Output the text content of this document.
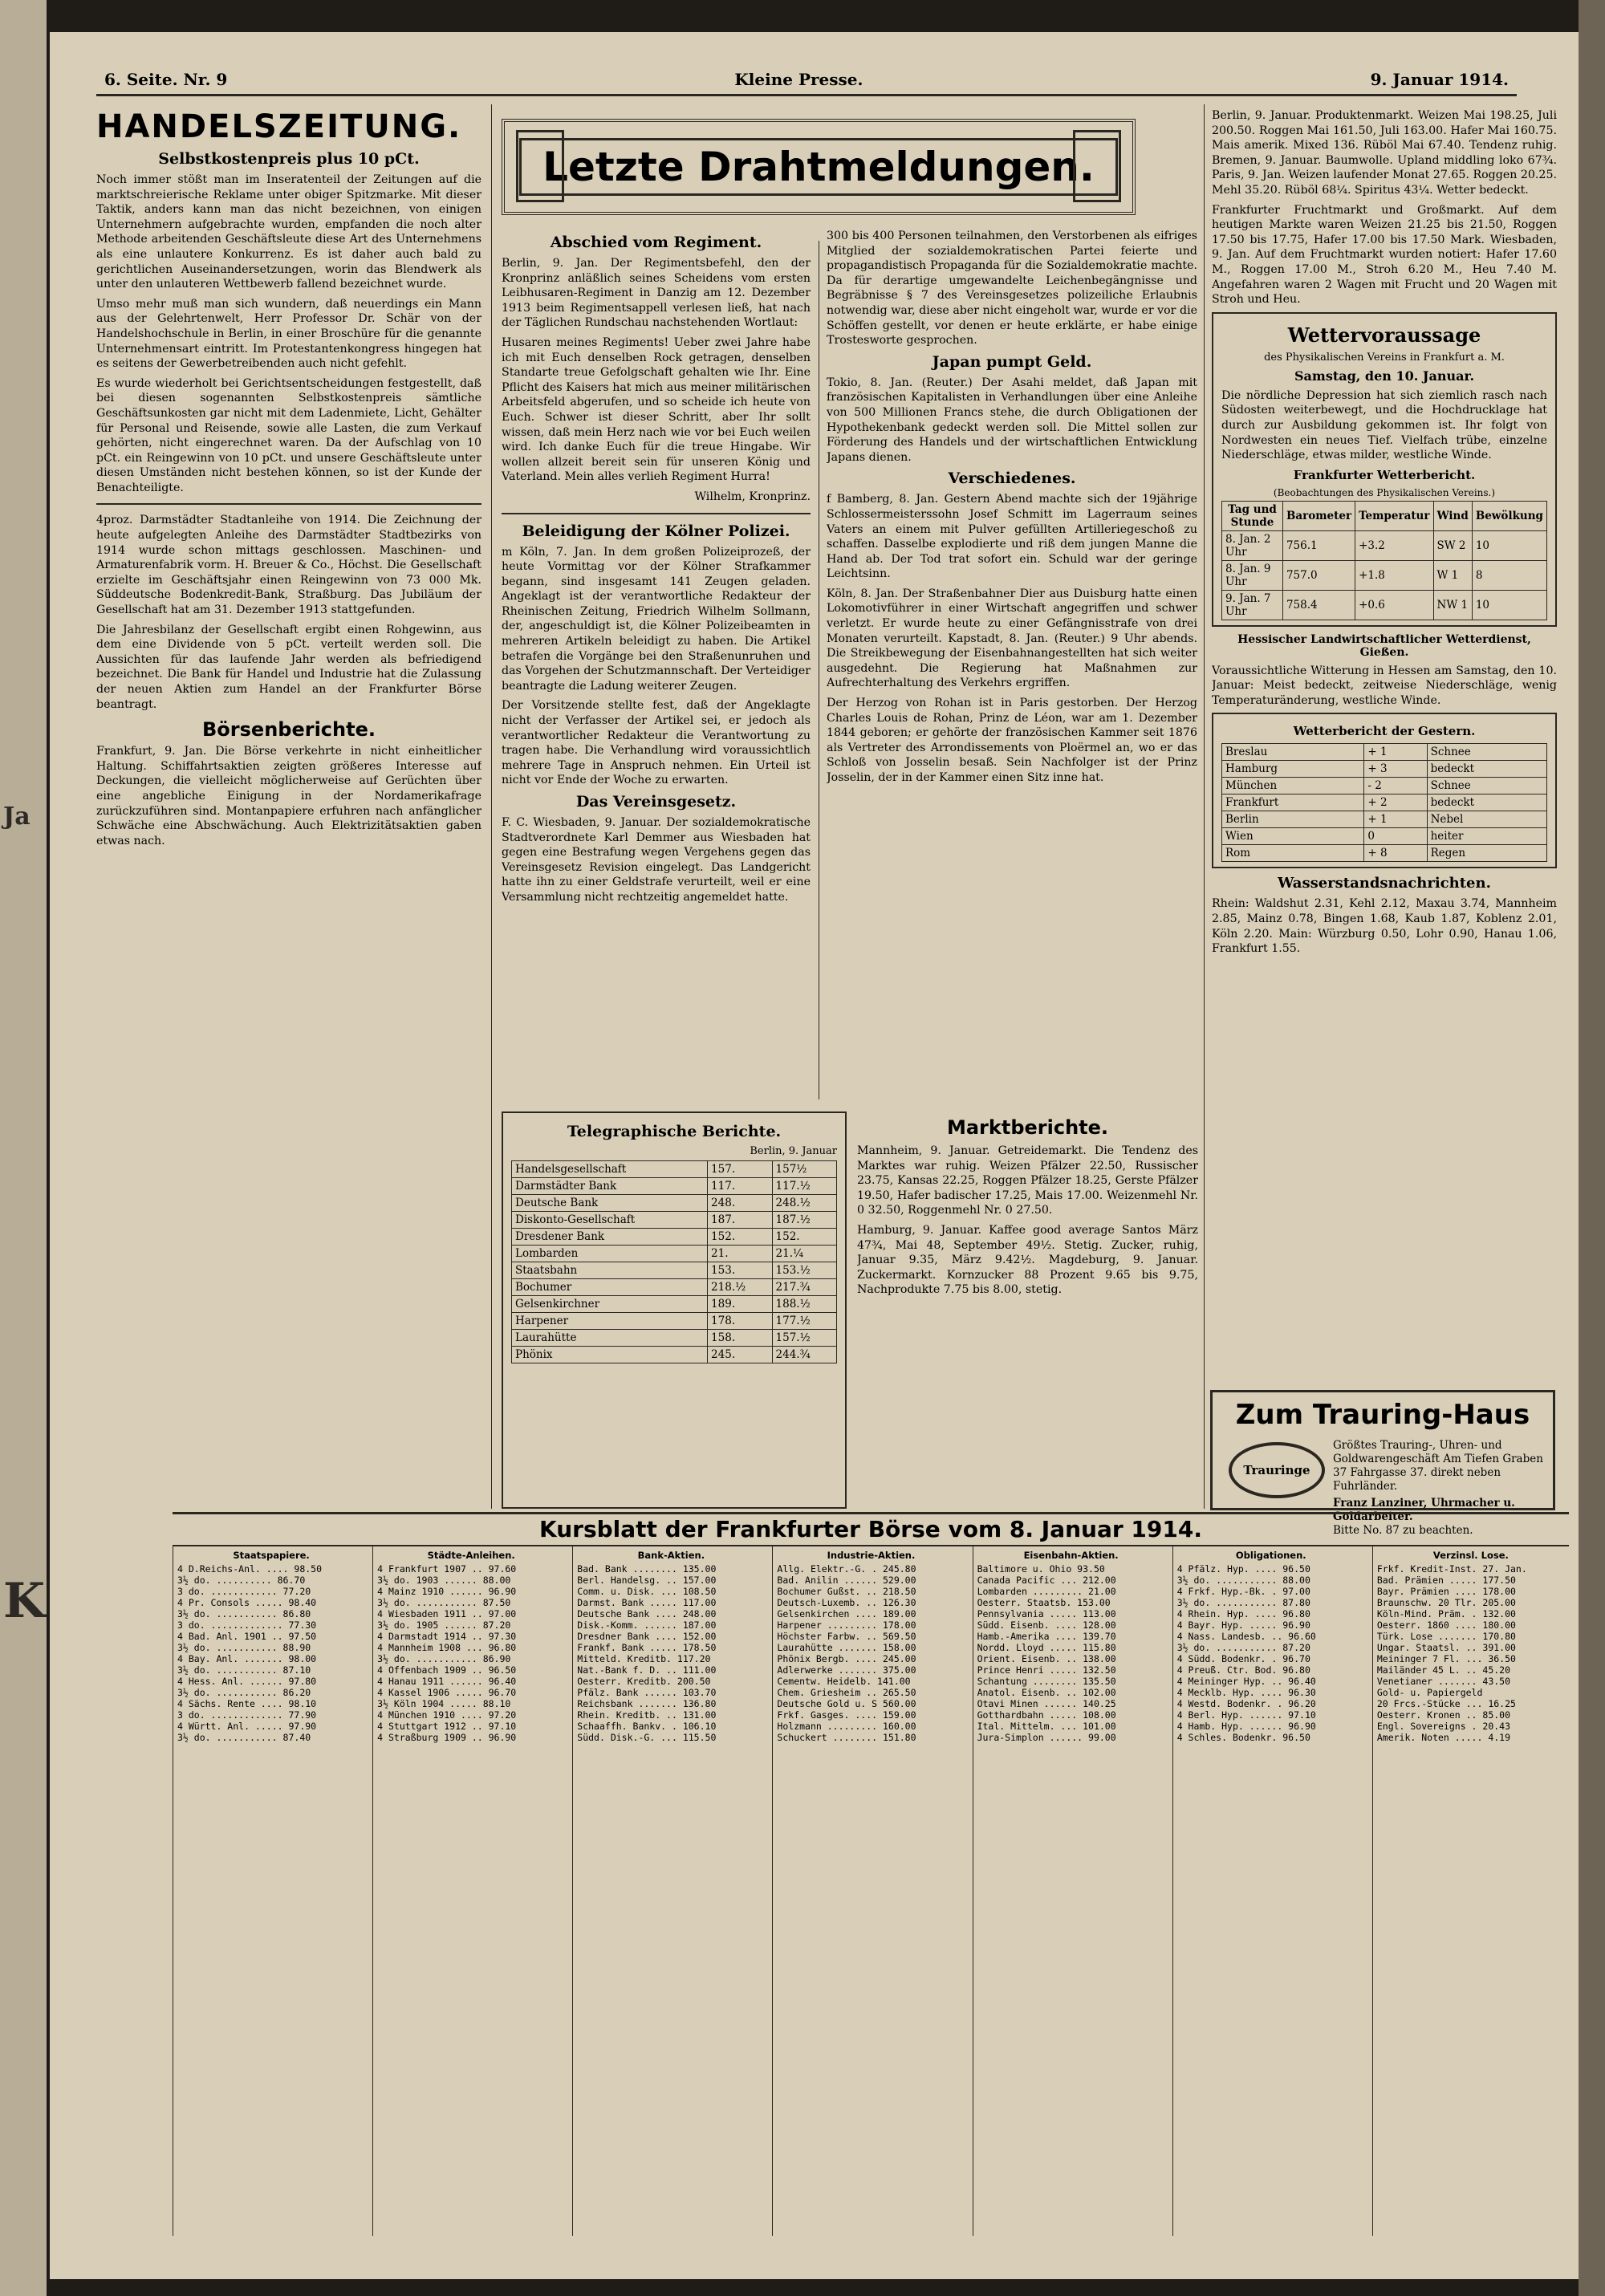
Ja
K
6. Seite. Nr. 9	Kleine Presse.	9. Januar 1914.
HANDELSZEITUNG.
Selbstkostenpreis plus 10 pCt.

Noch immer stößt man im Inseratenteil der Zeitungen auf die marktschreierische Reklame unter obiger Spitzmarke. Mit dieser Taktik, anders kann man das nicht bezeichnen, von einigen Unternehmern aufgebrachte wurden, empfanden die noch alter Methode arbeitenden Geschäftsleute diese Art des Unternehmens als eine unlautere Konkurrenz. Es ist daher auch bald zu gerichtlichen Auseinandersetzungen, worin das Blendwerk als unter den unlauteren Wettbewerb fallend bezeichnet wurde.

Umso mehr muß man sich wundern, daß neuerdings ein Mann aus der Gelehrtenwelt, Herr Professor Dr. Schär von der Handelshochschule in Berlin, in einer Broschüre für die genannte Unternehmensart eintritt. Im Protestantenkongress hingegen hat es seitens der Gewerbetreibenden auch nicht gefehlt.

Es wurde wiederholt bei Gerichtsentscheidungen festgestellt, daß bei diesen sogenannten Selbstkostenpreis sämtliche Geschäftsunkosten gar nicht mit dem Ladenmiete, Licht, Gehälter für Personal und Reisende, sowie alle Lasten, die zum Verkauf gehörten, nicht eingerechnet waren. Da der Aufschlag von 10 pCt. ein Reingewinn von 10 pCt. und unsere Geschäftsleute unter diesen Umständen nicht bestehen können, so ist der Kunde der Benachteiligte.

4proz. Darmstädter Stadtanleihe von 1914. Die Zeichnung der heute aufgelegten Anleihe des Darmstädter Stadtbezirks von 1914 wurde schon mittags geschlossen. Maschinen- und Armaturenfabrik vorm. H. Breuer & Co., Höchst. Die Gesellschaft erzielte im Geschäftsjahr einen Reingewinn von 73 000 Mk. Süddeutsche Bodenkredit-Bank, Straßburg. Das Jubiläum der Gesellschaft hat am 31. Dezember 1913 stattgefunden.

Die Jahresbilanz der Gesellschaft ergibt einen Rohgewinn, aus dem eine Dividende von 5 pCt. verteilt werden soll. Die Aussichten für das laufende Jahr werden als befriedigend bezeichnet. Die Bank für Handel und Industrie hat die Zulassung der neuen Aktien zum Handel an der Frankfurter Börse beantragt.

Börsenberichte.

Frankfurt, 9. Jan. Die Börse verkehrte in nicht einheitlicher Haltung. Schiffahrtsaktien zeigten größeres Interesse auf Deckungen, die vielleicht möglicherweise auf Gerüchten über eine angebliche Einigung in der Nordamerikafrage zurückzuführen sind. Montanpapiere erfuhren nach anfänglicher Schwäche eine Abschwächung. Auch Elektrizitätsaktien gaben etwas nach.

Letzte Drahtmeldungen.
Abschied vom Regiment.

Berlin, 9. Jan. Der Regimentsbefehl, den der Kronprinz anläßlich seines Scheidens vom ersten Leibhusaren-Regiment in Danzig am 12. Dezember 1913 beim Regimentsappell verlesen ließ, hat nach der Täglichen Rundschau nachstehenden Wortlaut:

Husaren meines Regiments! Ueber zwei Jahre habe ich mit Euch denselben Rock getragen, denselben Standarte treue Gefolgschaft gehalten wie Ihr. Eine Pflicht des Kaisers hat mich aus meiner militärischen Arbeitsfeld abgerufen, und so scheide ich heute von Euch. Schwer ist dieser Schritt, aber Ihr sollt wissen, daß mein Herz nach wie vor bei Euch weilen wird. Ich danke Euch für die treue Hingabe. Wir wollen allzeit bereit sein für unseren König und Vaterland. Mein alles verlieh Regiment Hurra!

Wilhelm, Kronprinz.

Beleidigung der Kölner Polizei.

m Köln, 7. Jan. In dem großen Polizeiprozeß, der heute Vormittag vor der Kölner Strafkammer begann, sind insgesamt 141 Zeugen geladen. Angeklagt ist der verantwortliche Redakteur der Rheinischen Zeitung, Friedrich Wilhelm Sollmann, der, angeschuldigt ist, die Kölner Polizeibeamten in mehreren Artikeln beleidigt zu haben. Die Artikel betrafen die Vorgänge bei den Straßenunruhen und das Vorgehen der Schutzmannschaft. Der Verteidiger beantragte die Ladung weiterer Zeugen.

Der Vorsitzende stellte fest, daß der Angeklagte nicht der Verfasser der Artikel sei, er jedoch als verantwortlicher Redakteur die Verantwortung zu tragen habe. Die Verhandlung wird voraussichtlich mehrere Tage in Anspruch nehmen. Ein Urteil ist nicht vor Ende der Woche zu erwarten.

Das Vereinsgesetz.

F. C. Wiesbaden, 9. Januar. Der sozialdemokratische Stadtverordnete Karl Demmer aus Wiesbaden hat gegen eine Bestrafung wegen Vergehens gegen das Vereinsgesetz Revision eingelegt. Das Landgericht hatte ihn zu einer Geldstrafe verurteilt, weil er eine Versammlung nicht rechtzeitig angemeldet hatte.

300 bis 400 Personen teilnahmen, den Verstorbenen als eifriges Mitglied der sozialdemokratischen Partei feierte und propagandistisch Propaganda für die Sozialdemokratie machte. Da für derartige umgewandelte Leichenbegängnisse und Begräbnisse § 7 des Vereinsgesetzes polizeiliche Erlaubnis notwendig war, diese aber nicht eingeholt war, wurde er vor die Schöffen gestellt, vor denen er heute erklärte, er habe einige Trostesworte gesprochen.

Japan pumpt Geld.

Tokio, 8. Jan. (Reuter.) Der Asahi meldet, daß Japan mit französischen Kapitalisten in Verhandlungen über eine Anleihe von 500 Millionen Francs stehe, die durch Obligationen der Hypothekenbank gedeckt werden soll. Die Mittel sollen zur Förderung des Handels und der wirtschaftlichen Entwicklung Japans dienen.

Verschiedenes.

f Bamberg, 8. Jan. Gestern Abend machte sich der 19jährige Schlossermeisterssohn Josef Schmitt im Lagerraum seines Vaters an einem mit Pulver gefüllten Artilleriegeschoß zu schaffen. Dasselbe explodierte und riß dem jungen Manne die Hand ab. Der Tod trat sofort ein. Schuld war der geringe Leichtsinn.

Köln, 8. Jan. Der Straßenbahner Dier aus Duisburg hatte einen Lokomotivführer in einer Wirtschaft angegriffen und schwer verletzt. Er wurde heute zu einer Gefängnisstrafe von drei Monaten verurteilt. Kapstadt, 8. Jan. (Reuter.) 9 Uhr abends. Die Streikbewegung der Eisenbahnangestellten hat sich weiter ausgedehnt. Die Regierung hat Maßnahmen zur Aufrechterhaltung des Verkehrs ergriffen.

Der Herzog von Rohan ist in Paris gestorben. Der Herzog Charles Louis de Rohan, Prinz de Léon, war am 1. Dezember 1844 geboren; er gehörte der französischen Kammer seit 1876 als Vertreter des Arrondissements von Ploërmel an, wo er das Schloß von Josselin besaß. Sein Nachfolger ist der Prinz Josselin, der in der Kammer einen Sitz inne hat.

Telegraphische Berichte.
Berlin, 9. Januar
Handelsgesellschaft	157.	157½
Darmstädter Bank	117.	117.½
Deutsche Bank	248.	248.½
Diskonto-Gesellschaft	187.	187.½
Dresdener Bank	152.	152.
Lombarden	21.	21.¼
Staatsbahn	153.	153.½
Bochumer	218.½	217.¾
Gelsenkirchner	189.	188.½
Harpener	178.	177.½
Laurahütte	158.	157.½
Phönix	245.	244.¾
Marktberichte.

Mannheim, 9. Januar. Getreidemarkt. Die Tendenz des Marktes war ruhig. Weizen Pfälzer 22.50, Russischer 23.75, Kansas 22.25, Roggen Pfälzer 18.25, Gerste Pfälzer 19.50, Hafer badischer 17.25, Mais 17.00. Weizenmehl Nr. 0 32.50, Roggenmehl Nr. 0 27.50.

Hamburg, 9. Januar. Kaffee good average Santos März 47¾, Mai 48, September 49½. Stetig. Zucker, ruhig, Januar 9.35, März 9.42½. Magdeburg, 9. Januar. Zuckermarkt. Kornzucker 88 Prozent 9.65 bis 9.75, Nachprodukte 7.75 bis 8.00, stetig.

Berlin, 9. Januar. Produktenmarkt. Weizen Mai 198.25, Juli 200.50. Roggen Mai 161.50, Juli 163.00. Hafer Mai 160.75. Mais amerik. Mixed 136. Rüböl Mai 67.40. Tendenz ruhig. Bremen, 9. Januar. Baumwolle. Upland middling loko 67¾. Paris, 9. Jan. Weizen laufender Monat 27.65. Roggen 20.25. Mehl 35.20. Rüböl 68¼. Spiritus 43¼. Wetter bedeckt.

Frankfurter Fruchtmarkt und Großmarkt. Auf dem heutigen Markte waren Weizen 21.25 bis 21.50, Roggen 17.50 bis 17.75, Hafer 17.00 bis 17.50 Mark. Wiesbaden, 9. Jan. Auf dem Fruchtmarkt wurden notiert: Hafer 17.60 M., Roggen 17.00 M., Stroh 6.20 M., Heu 7.40 M. Angefahren waren 2 Wagen mit Frucht und 20 Wagen mit Stroh und Heu.

Wettervoraussage
des Physikalischen Vereins in Frankfurt a. M.
Samstag, den 10. Januar.

Die nördliche Depression hat sich ziemlich rasch nach Südosten weiterbewegt, und die Hochdrucklage hat durch zur Ausbildung gekommen ist. Ihr folgt von Nordwesten ein neues Tief. Vielfach trübe, einzelne Niederschläge, etwas milder, westliche Winde.

Frankfurter Wetterbericht.
(Beobachtungen des Physikalischen Vereins.)
Tag und Stunde	Barometer	Temperatur	Wind	Bewölkung
8. Jan. 2 Uhr	756.1	+3.2	SW 2	10
8. Jan. 9 Uhr	757.0	+1.8	W 1	8
9. Jan. 7 Uhr	758.4	+0.6	NW 1	10
Hessischer Landwirtschaftlicher Wetterdienst, Gießen.

Voraussichtliche Witterung in Hessen am Samstag, den 10. Januar: Meist bedeckt, zeitweise Niederschläge, wenig Temperaturänderung, westliche Winde.

Wetterbericht der Gestern.
Breslau	+ 1	Schnee
Hamburg	+ 3	bedeckt
München	- 2	Schnee
Frankfurt	+ 2	bedeckt
Berlin	+ 1	Nebel
Wien	0	heiter
Rom	+ 8	Regen
Wasserstandsnachrichten.

Rhein: Waldshut 2.31, Kehl 2.12, Maxau 3.74, Mannheim 2.85, Mainz 0.78, Bingen 1.68, Kaub 1.87, Koblenz 2.01, Köln 2.20. Main: Würzburg 0.50, Lohr 0.90, Hanau 1.06, Frankfurt 1.55.

Zum Trauring-Haus
Trauringe
Größtes Trauring-, Uhren- und Goldwarengeschäft Am Tiefen Graben 37 Fahrgasse 37. direkt neben Fuhrländer.
Franz Lanziner, Uhrmacher u. Goldarbeiter.
Bitte No. 87 zu beachten.
Kursblatt der Frankfurter Börse vom 8. Januar 1914.
Staatspapiere.
4 D.Reichs-Anl. .... 98.50
3½ do. .......... 86.70
3 do. ............ 77.20
4 Pr. Consols ..... 98.40
3½ do. ........... 86.80
3 do. ............. 77.30
4 Bad. Anl. 1901 .. 97.50
3½ do. ........... 88.90
4 Bay. Anl. ....... 98.00
3½ do. ........... 87.10
4 Hess. Anl. ...... 97.80
3½ do. ........... 86.20
4 Sächs. Rente .... 98.10
3 do. ............. 77.90
4 Württ. Anl. ..... 97.90
3½ do. ........... 87.40
Städte-Anleihen.
4 Frankfurt 1907 .. 97.60
3½ do. 1903 ...... 88.00
4 Mainz 1910 ...... 96.90
3½ do. ........... 87.50
4 Wiesbaden 1911 .. 97.00
3½ do. 1905 ...... 87.20
4 Darmstadt 1914 .. 97.30
4 Mannheim 1908 ... 96.80
3½ do. ........... 86.90
4 Offenbach 1909 .. 96.50
4 Hanau 1911 ...... 96.40
4 Kassel 1906 ..... 96.70
3½ Köln 1904 ..... 88.10
4 München 1910 .... 97.20
4 Stuttgart 1912 .. 97.10
4 Straßburg 1909 .. 96.90
Bank-Aktien.
Bad. Bank ........ 135.00
Berl. Handelsg. .. 157.00
Comm. u. Disk. ... 108.50
Darmst. Bank ..... 117.00
Deutsche Bank .... 248.00
Disk.-Komm. ...... 187.00
Dresdner Bank .... 152.00
Frankf. Bank ..... 178.50
Mitteld. Kreditb. 117.20
Nat.-Bank f. D. .. 111.00
Oesterr. Kreditb. 200.50
Pfälz. Bank ...... 103.70
Reichsbank ....... 136.80
Rhein. Kreditb. .. 131.00
Schaaffh. Bankv. . 106.10
Südd. Disk.-G. ... 115.50
Industrie-Aktien.
Allg. Elektr.-G. . 245.80
Bad. Anilin ...... 529.00
Bochumer Gußst. .. 218.50
Deutsch-Luxemb. .. 126.30
Gelsenkirchen .... 189.00
Harpener ......... 178.00
Höchster Farbw. .. 569.50
Laurahütte ....... 158.00
Phönix Bergb. .... 245.00
Adlerwerke ....... 375.00
Cementw. Heidelb. 141.00
Chem. Griesheim .. 265.50
Deutsche Gold u. S 560.00
Frkf. Gasges. .... 159.00
Holzmann ......... 160.00
Schuckert ........ 151.80
Eisenbahn-Aktien.
Baltimore u. Ohio 93.50
Canada Pacific ... 212.00
Lombarden ......... 21.00
Oesterr. Staatsb. 153.00
Pennsylvania ..... 113.00
Südd. Eisenb. .... 128.00
Hamb.-Amerika .... 139.70
Nordd. Lloyd ..... 115.80
Orient. Eisenb. .. 138.00
Prince Henri ..... 132.50
Schantung ........ 135.50
Anatol. Eisenb. .. 102.00
Otavi Minen ...... 140.25
Gotthardbahn ..... 108.00
Ital. Mittelm. ... 101.00
Jura-Simplon ...... 99.00
Obligationen.
4 Pfälz. Hyp. .... 96.50
3½ do. ........... 88.00
4 Frkf. Hyp.-Bk. . 97.00
3½ do. ........... 87.80
4 Rhein. Hyp. .... 96.80
4 Bayr. Hyp. ..... 96.90
4 Nass. Landesb. .. 96.60
3½ do. ........... 87.20
4 Südd. Bodenkr. . 96.70
4 Preuß. Ctr. Bod. 96.80
4 Meininger Hyp. .. 96.40
4 Mecklb. Hyp. .... 96.30
4 Westd. Bodenkr. . 96.20
4 Berl. Hyp. ...... 97.10
4 Hamb. Hyp. ...... 96.90
4 Schles. Bodenkr. 96.50
Verzinsl. Lose.
Frkf. Kredit-Inst. 27. Jan.
Bad. Prämien ..... 177.50
Bayr. Prämien .... 178.00
Braunschw. 20 Tlr. 205.00
Köln-Mind. Präm. . 132.00
Oesterr. 1860 .... 180.00
Türk. Lose ....... 170.80
Ungar. Staatsl. .. 391.00
Meininger 7 Fl. ... 36.50
Mailänder 45 L. .. 45.20
Venetianer ....... 43.50
Gold- u. Papiergeld
20 Frcs.-Stücke ... 16.25
Oesterr. Kronen .. 85.00
Engl. Sovereigns . 20.43
Amerik. Noten ..... 4.19
